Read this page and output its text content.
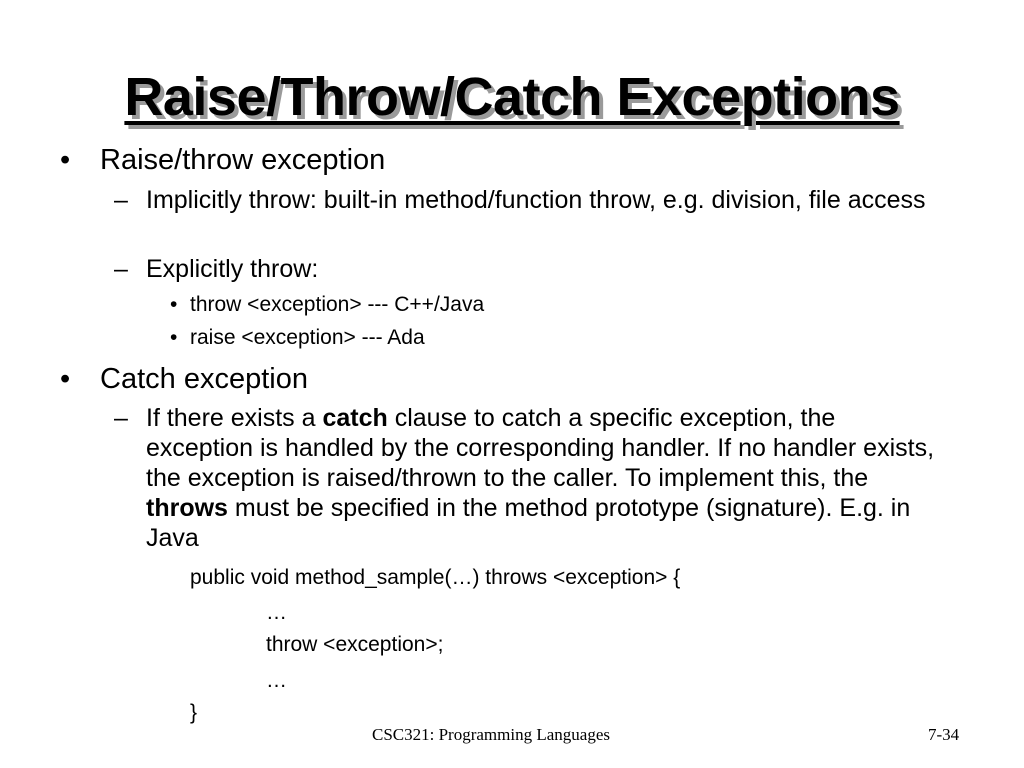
Raise/Throw/Catch Exceptions
• Raise/throw exception
– Implicitly throw: built-in method/function throw, e.g. division, file access
– Explicitly throw:
• throw <exception> --- C++/Java
• raise <exception> --- Ada
• Catch exception
– If there exists a catch clause to catch a specific exception, the exception is handled by the corresponding handler. If no handler exists, the exception is raised/thrown to the caller. To implement this, the throws must be specified in the method prototype (signature). E.g. in Java
public void method_sample(…) throws <exception> {
…
throw <exception>;
…
}
CSC321: Programming Languages	7-34
